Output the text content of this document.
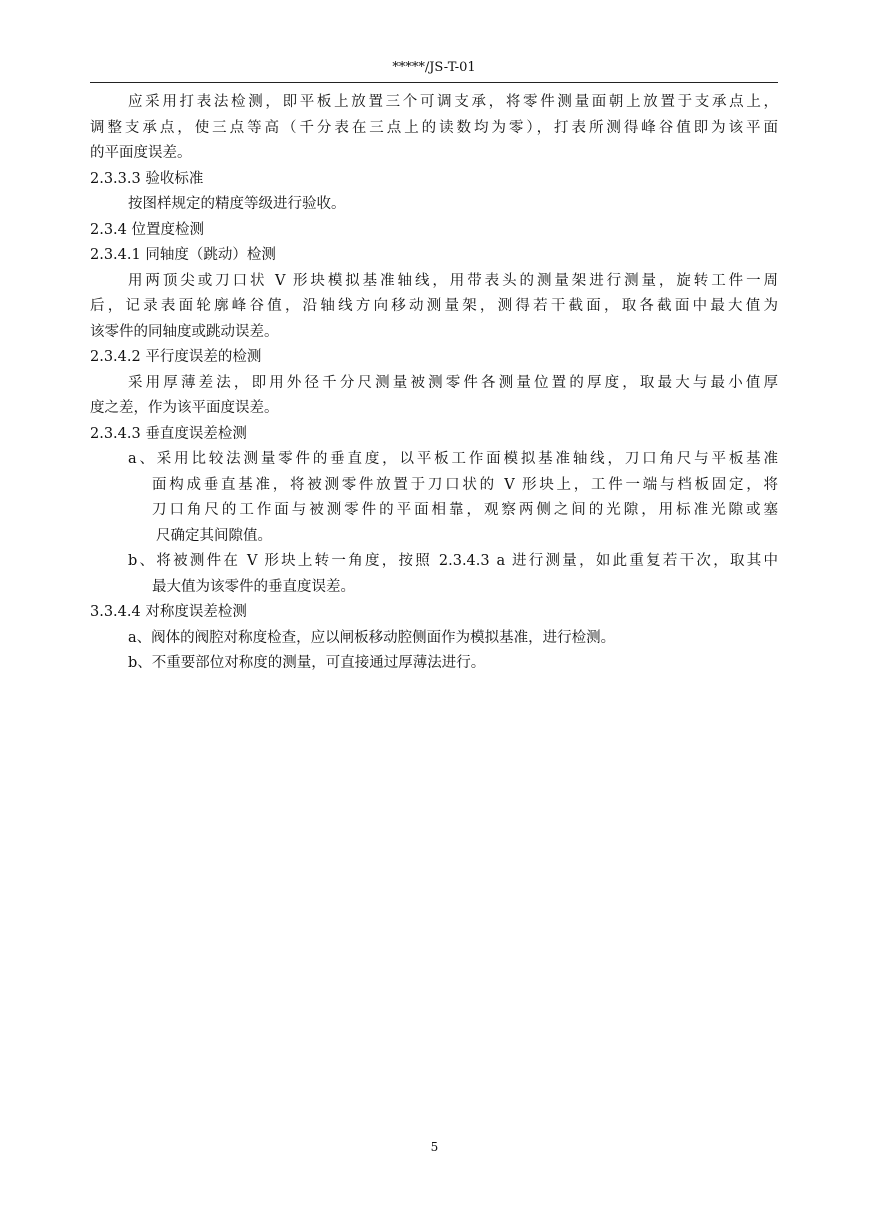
*****/JS-T-01
应采用打表法检测，即平板上放置三个可调支承，将零件测量面朝上放置于支承点上，
调整支承点，使三点等高（千分表在三点上的读数均为零），打表所测得峰谷值即为该平面
的平面度误差。
2.3.3.3 验收标准
按图样规定的精度等级进行验收。
2.3.4 位置度检测
2.3.4.1 同轴度（跳动）检测
用两顶尖或刀口状 V 形块模拟基准轴线，用带表头的测量架进行测量，旋转工件一周
后，记录表面轮廓峰谷值，沿轴线方向移动测量架，测得若干截面，取各截面中最大值为
该零件的同轴度或跳动误差。
2.3.4.2 平行度误差的检测
采用厚薄差法，即用外径千分尺测量被测零件各测量位置的厚度，取最大与最小值厚
度之差，作为该平面度误差。
2.3.4.3 垂直度误差检测
a、采用比较法测量零件的垂直度，以平板工作面模拟基准轴线，刀口角尺与平板基准
面构成垂直基准，将被测零件放置于刀口状的 V 形块上，工件一端与档板固定，将
刀口角尺的工作面与被测零件的平面相靠，观察两侧之间的光隙，用标准光隙或塞
尺确定其间隙值。
b、将被测件在 V 形块上转一角度，按照 2.3.4.3 a 进行测量，如此重复若干次，取其中
最大值为该零件的垂直度误差。
3.3.4.4 对称度误差检测
a、阀体的阀腔对称度检查，应以闸板移动腔侧面作为模拟基准，进行检测。
b、不重要部位对称度的测量，可直接通过厚薄法进行。
5
